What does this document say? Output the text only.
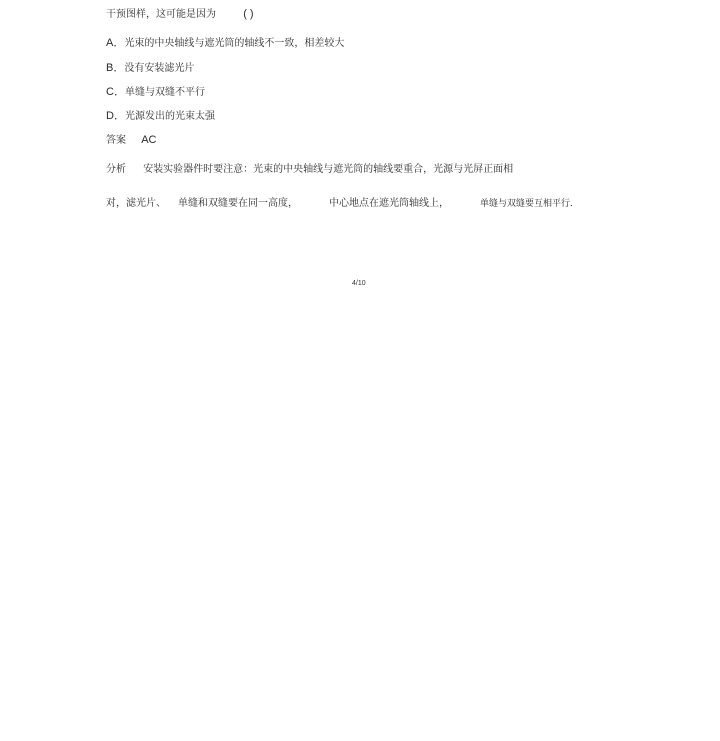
干预图样，这可能是因为 ( )
A．光束的中央轴线与遮光筒的轴线不一致，相差较大
B．没有安装滤光片
C．单缝与双缝不平行
D．光源发出的光束太强
答案 AC
分析 安装实验器件时要注意：光束的中央轴线与遮光筒的轴线要重合，光源与光屏正面相
对，滤光片、 单缝和双缝要在同一高度，	中心地点在遮光筒轴线上，	单缝与双缝要互相平行．
4/10
